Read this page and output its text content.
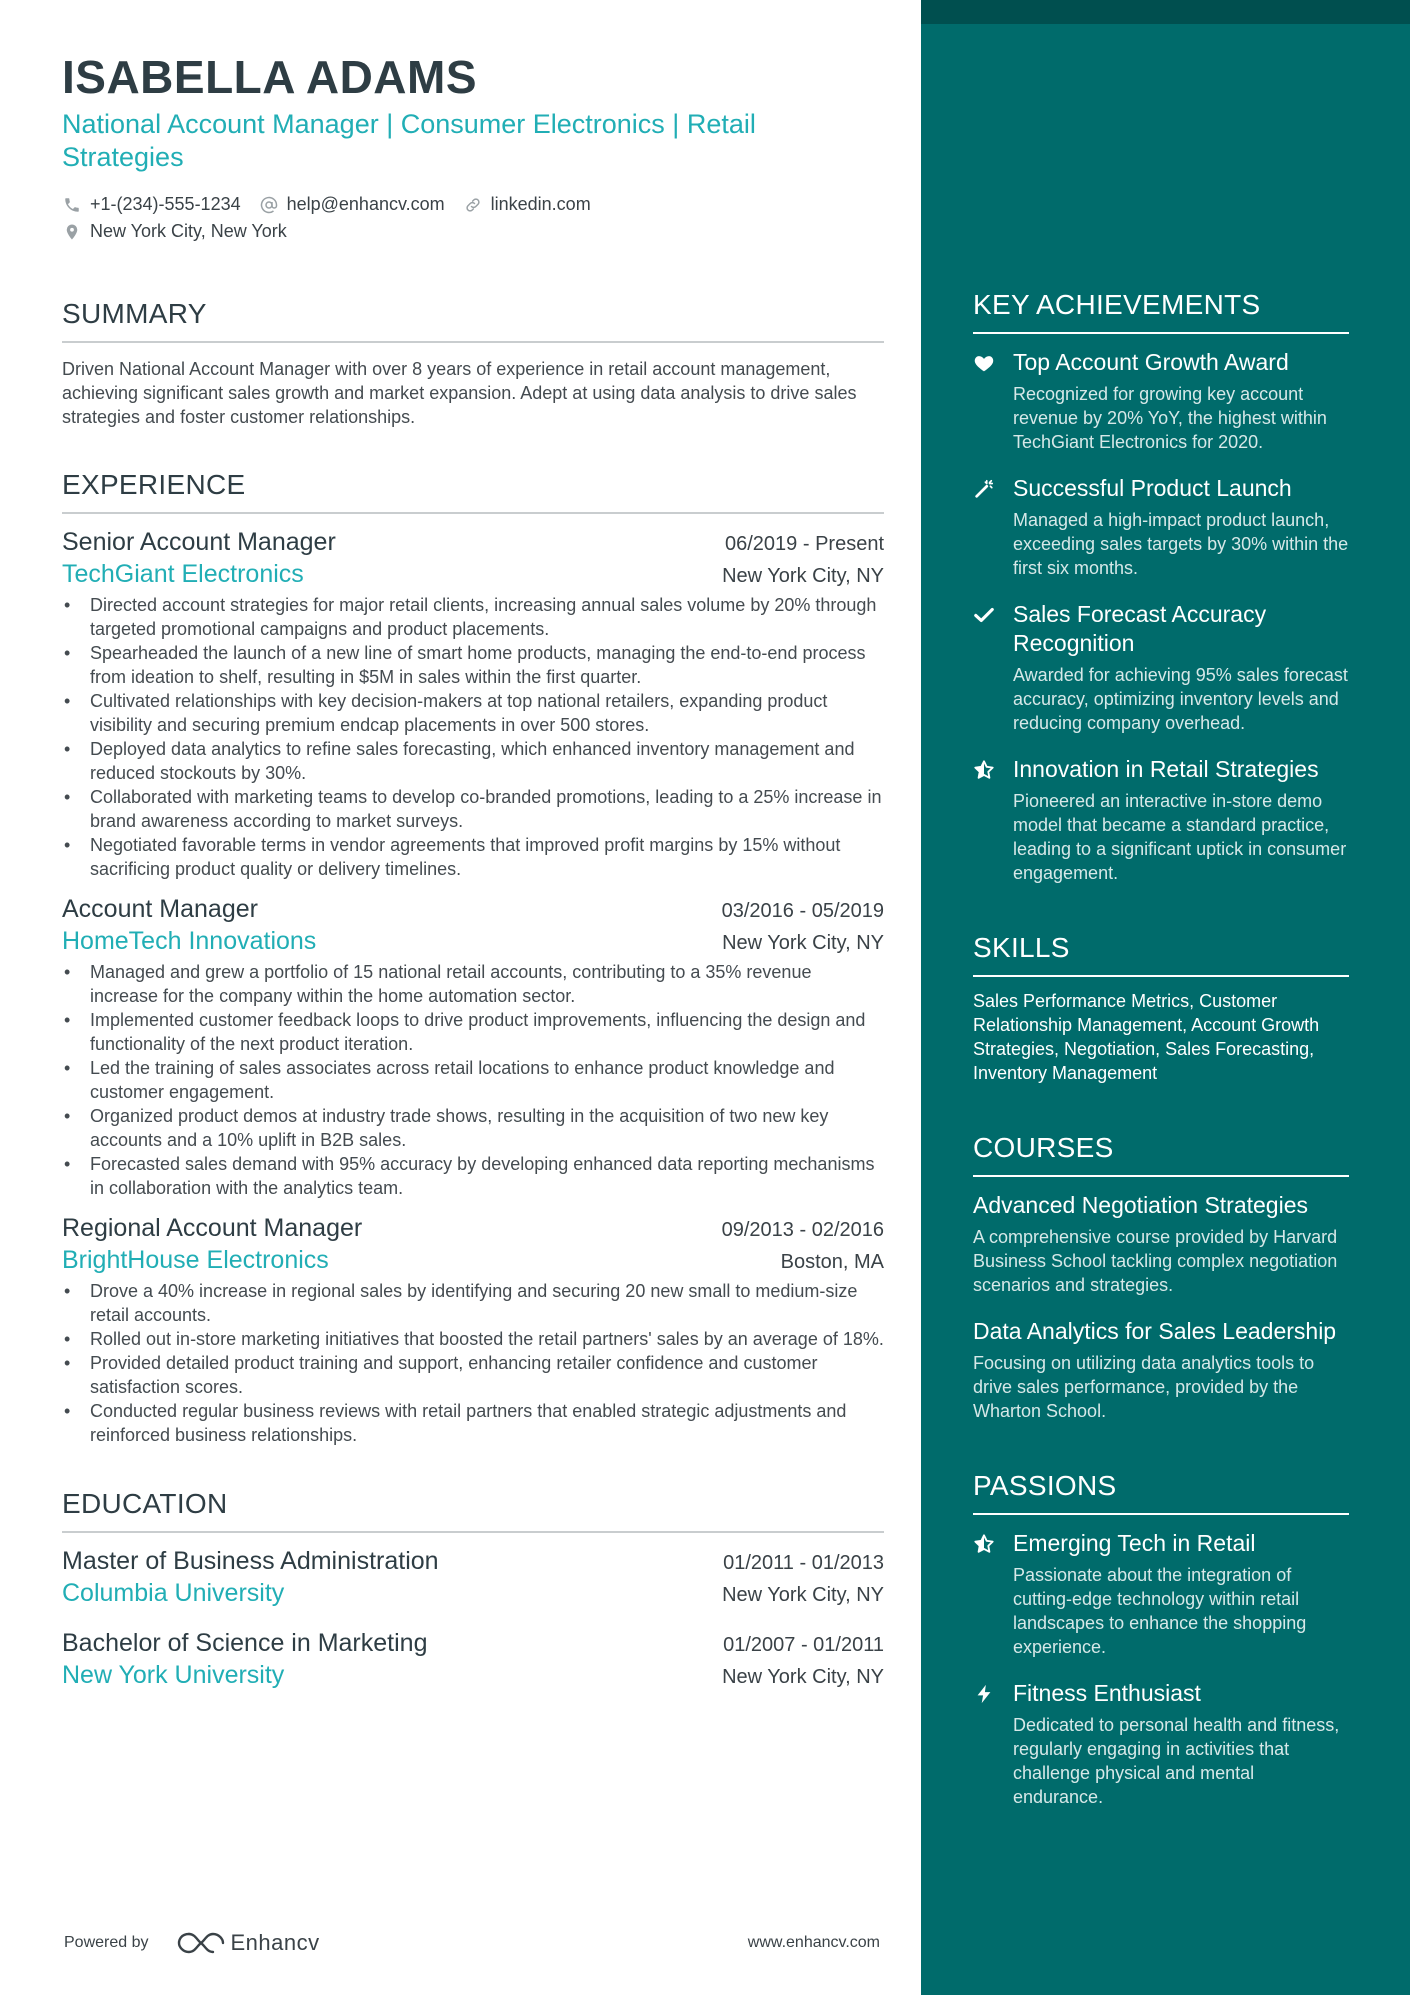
ISABELLA ADAMS
National Account Manager | Consumer Electronics | Retail Strategies
+1-(234)-555-1234	help@enhancv.com	linkedin.com
New York City, New York
SUMMARY
Driven National Account Manager with over 8 years of experience in retail account management, achieving significant sales growth and market expansion. Adept at using data analysis to drive sales strategies and foster customer relationships.
EXPERIENCE
Senior Account Manager	06/2019 - Present
TechGiant Electronics	New York City, NY
• Directed account strategies for major retail clients, increasing annual sales volume by 20% through targeted promotional campaigns and product placements.
• Spearheaded the launch of a new line of smart home products, managing the end-to-end process from ideation to shelf, resulting in $5M in sales within the first quarter.
• Cultivated relationships with key decision-makers at top national retailers, expanding product visibility and securing premium endcap placements in over 500 stores.
• Deployed data analytics to refine sales forecasting, which enhanced inventory management and reduced stockouts by 30%.
• Collaborated with marketing teams to develop co-branded promotions, leading to a 25% increase in brand awareness according to market surveys.
• Negotiated favorable terms in vendor agreements that improved profit margins by 15% without sacrificing product quality or delivery timelines.
Account Manager	03/2016 - 05/2019
HomeTech Innovations	New York City, NY
• Managed and grew a portfolio of 15 national retail accounts, contributing to a 35% revenue increase for the company within the home automation sector.
• Implemented customer feedback loops to drive product improvements, influencing the design and functionality of the next product iteration.
• Led the training of sales associates across retail locations to enhance product knowledge and customer engagement.
• Organized product demos at industry trade shows, resulting in the acquisition of two new key accounts and a 10% uplift in B2B sales.
• Forecasted sales demand with 95% accuracy by developing enhanced data reporting mechanisms in collaboration with the analytics team.
Regional Account Manager	09/2013 - 02/2016
BrightHouse Electronics	Boston, MA
• Drove a 40% increase in regional sales by identifying and securing 20 new small to medium-size retail accounts.
• Rolled out in-store marketing initiatives that boosted the retail partners' sales by an average of 18%.
• Provided detailed product training and support, enhancing retailer confidence and customer satisfaction scores.
• Conducted regular business reviews with retail partners that enabled strategic adjustments and reinforced business relationships.
EDUCATION
Master of Business Administration	01/2011 - 01/2013
Columbia University	New York City, NY
Bachelor of Science in Marketing	01/2007 - 01/2011
New York University	New York City, NY
Powered by	Enhancv	www.enhancv.com
KEY ACHIEVEMENTS
Top Account Growth Award
Recognized for growing key account revenue by 20% YoY, the highest within TechGiant Electronics for 2020.
Successful Product Launch
Managed a high-impact product launch, exceeding sales targets by 30% within the first six months.
Sales Forecast Accuracy Recognition
Awarded for achieving 95% sales forecast accuracy, optimizing inventory levels and reducing company overhead.
Innovation in Retail Strategies
Pioneered an interactive in-store demo model that became a standard practice, leading to a significant uptick in consumer engagement.
SKILLS
Sales Performance Metrics, Customer Relationship Management, Account Growth Strategies, Negotiation, Sales Forecasting, Inventory Management
COURSES
Advanced Negotiation Strategies
A comprehensive course provided by Harvard Business School tackling complex negotiation scenarios and strategies.
Data Analytics for Sales Leadership
Focusing on utilizing data analytics tools to drive sales performance, provided by the Wharton School.
PASSIONS
Emerging Tech in Retail
Passionate about the integration of cutting-edge technology within retail landscapes to enhance the shopping experience.
Fitness Enthusiast
Dedicated to personal health and fitness, regularly engaging in activities that challenge physical and mental endurance.
